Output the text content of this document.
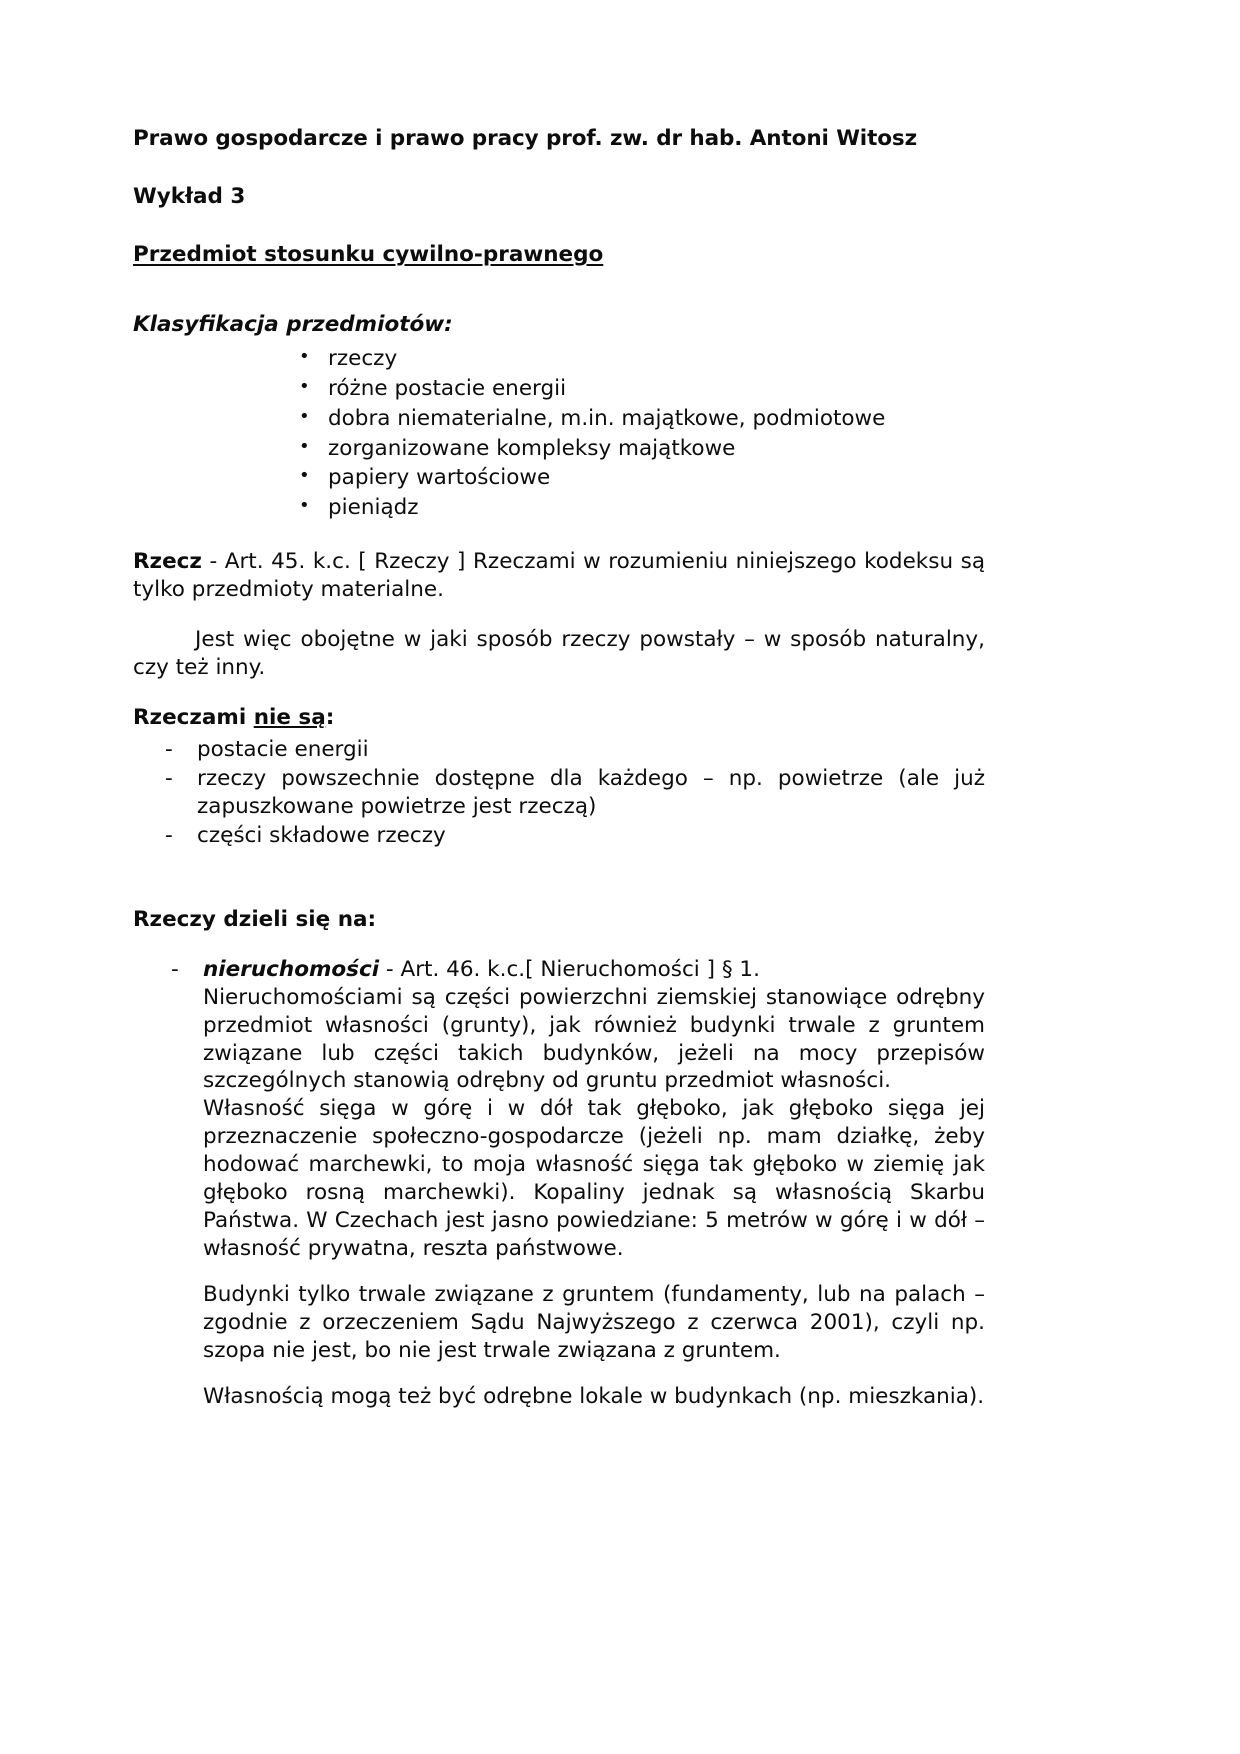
Prawo gospodarcze i prawo pracy prof. zw. dr hab. Antoni Witosz
Wykład 3
Przedmiot stosunku cywilno-prawnego
Klasyfikacja przedmiotów:
• rzeczy
• różne postacie energii
• dobra niematerialne, m.in. majątkowe, podmiotowe
• zorganizowane kompleksy majątkowe
• papiery wartościowe
• pieniądz

Rzecz - Art. 45. k.c. [ Rzeczy ] Rzeczami w rozumieniu niniejszego kodeksu są tylko przedmioty materialne.

Jest więc obojętne w jaki sposób rzeczy powstały – w sposób naturalny, czy też inny.

Rzeczami nie są:
- postacie energii
- rzeczy powszechnie dostępne dla każdego – np. powietrze (ale już zapuszkowane powietrze jest rzeczą)
- części składowe rzeczy
Rzeczy dzieli się na:

- nieruchomości - Art. 46. k.c.[ Nieruchomości ] § 1.

Nieruchomościami są części powierzchni ziemskiej stanowiące odrębny przedmiot własności (grunty), jak również budynki trwale z gruntem związane lub części takich budynków, jeżeli na mocy przepisów szczególnych stanowią odrębny od gruntu przedmiot własności.

Własność sięga w górę i w dół tak głęboko, jak głęboko sięga jej przeznaczenie społeczno-gospodarcze (jeżeli np. mam działkę, żeby hodować marchewki, to moja własność sięga tak głęboko w ziemię jak głęboko rosną marchewki). Kopaliny jednak są własnością Skarbu Państwa. W Czechach jest jasno powiedziane: 5 metrów w górę i w dół – własność prywatna, reszta państwowe.

Budynki tylko trwale związane z gruntem (fundamenty, lub na palach – zgodnie z orzeczeniem Sądu Najwyższego z czerwca 2001), czyli np. szopa nie jest, bo nie jest trwale związana z gruntem.

Własnością mogą też być odrębne lokale w budynkach (np. mieszkania).
